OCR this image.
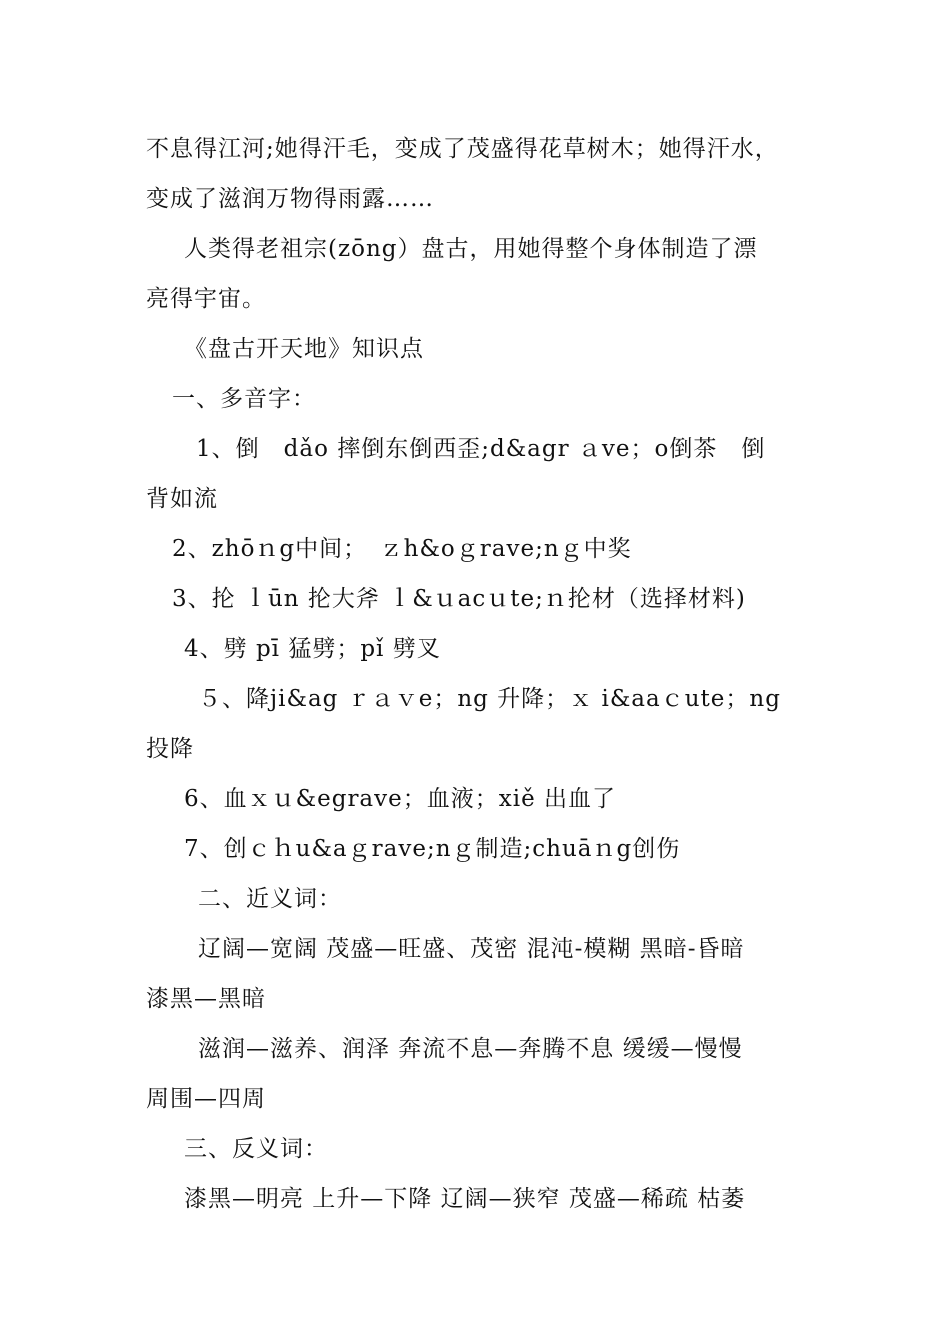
不息得江河;她得汗毛，变成了茂盛得花草树木；她得汗水，
变成了滋润万物得雨露……
人类得老祖宗(zōng）盘古，用她得整个身体制造了漂
亮得宇宙。
《盘古开天地》知识点
一、多音字：
1、倒　dǎo 摔倒东倒西歪;d&agr ａve；o倒茶　倒
背如流
2、zhōｎg中间；　ｚh&oｇrave;nｇ中奖
3、抡 ｌūn 抡大斧 ｌ&ｕacｕte;ｎ抡材（选择材料)
4、劈 pī 猛劈；pǐ 劈叉
５、降ji&ag ｒａｖe；ng 升降；ｘ i&aaｃute；ng
投降
6、血ｘｕ&egrave；血液；xiě 出血了
7、创ｃｈu&aｇrave;nｇ制造;chuāｎg创伤
二、近义词：
辽阔—宽阔 茂盛—旺盛、茂密 混沌-模糊 黑暗-昏暗
漆黑—黑暗
滋润—滋养、润泽 奔流不息—奔腾不息 缓缓—慢慢
周围—四周
三、反义词：
漆黑—明亮 上升—下降 辽阔—狭窄 茂盛—稀疏 枯萎
